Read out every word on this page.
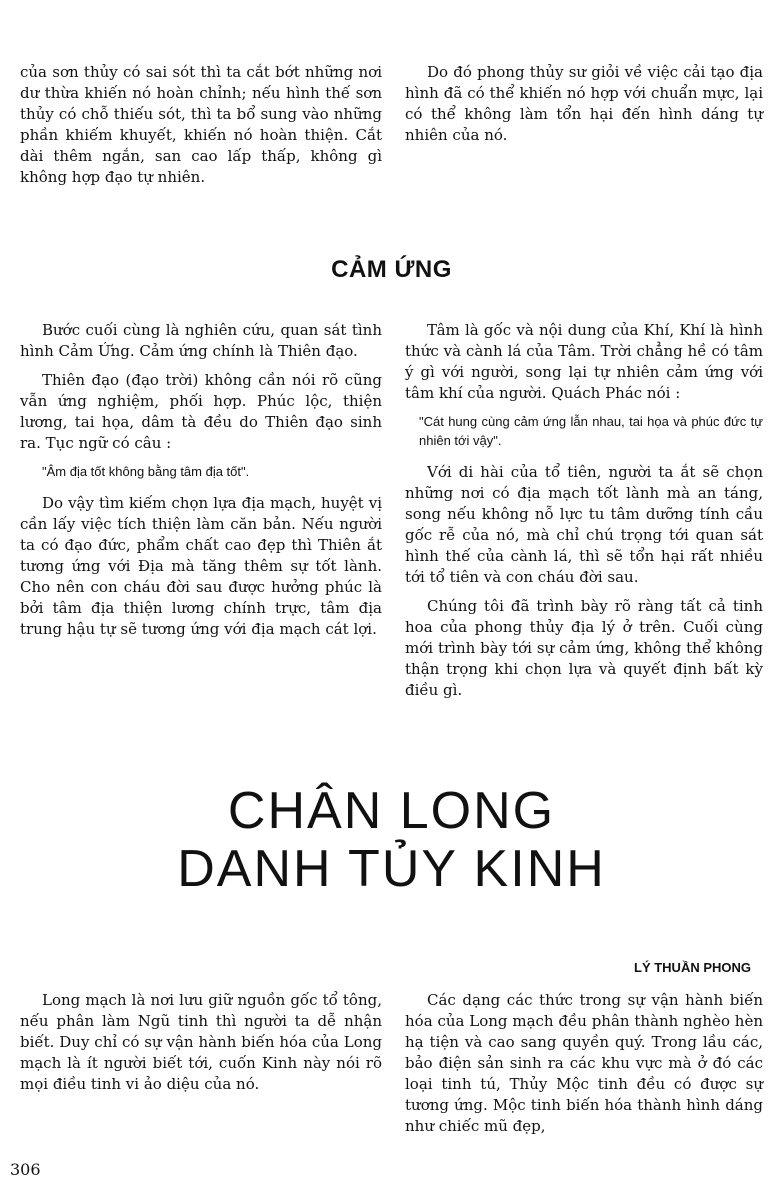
của sơn thủy có sai sót thì ta cắt bớt những nơi dư thừa khiến nó hoàn chỉnh; nếu hình thế sơn thủy có chỗ thiếu sót, thì ta bổ sung vào những phần khiếm khuyết, khiến nó hoàn thiện. Cắt dài thêm ngắn, san cao lấp thấp, không gì không hợp đạo tự nhiên.

Do đó phong thủy sư giỏi về việc cải tạo địa hình đã có thể khiến nó hợp với chuẩn mực, lại có thể không làm tổn hại đến hình dáng tự nhiên của nó.

CẢM ỨNG

Bước cuối cùng là nghiên cứu, quan sát tình hình Cảm Ứng. Cảm ứng chính là Thiên đạo.

Thiên đạo (đạo trời) không cần nói rõ cũng vẫn ứng nghiệm, phối hợp. Phúc lộc, thiện lương, tai họa, dâm tà đều do Thiên đạo sinh ra. Tục ngữ có câu :

"Âm địa tốt không bằng tâm địa tốt".

Do vậy tìm kiếm chọn lựa địa mạch, huyệt vị cần lấy việc tích thiện làm căn bản. Nếu người ta có đạo đức, phẩm chất cao đẹp thì Thiên ắt tương ứng với Địa mà tăng thêm sự tốt lành. Cho nên con cháu đời sau được hưởng phúc là bởi tâm địa thiện lương chính trực, tâm địa trung hậu tự sẽ tương ứng với địa mạch cát lợi.

Tâm là gốc và nội dung của Khí, Khí là hình thức và cành lá của Tâm. Trời chẳng hề có tâm ý gì với người, song lại tự nhiên cảm ứng với tâm khí của người. Quách Phác nói :

"Cát hung cùng cảm ứng lẫn nhau, tai họa và phúc đức tự nhiên tới vậy".

Với di hài của tổ tiên, người ta ắt sẽ chọn những nơi có địa mạch tốt lành mà an táng, song nếu không nỗ lực tu tâm dưỡng tính cầu gốc rễ của nó, mà chỉ chú trọng tới quan sát hình thế của cành lá, thì sẽ tổn hại rất nhiều tới tổ tiên và con cháu đời sau.

Chúng tôi đã trình bày rõ ràng tất cả tinh hoa của phong thủy địa lý ở trên. Cuối cùng mới trình bày tới sự cảm ứng, không thể không thận trọng khi chọn lựa và quyết định bất kỳ điều gì.

CHÂN LONG
DANH TỦY KINH
LÝ THUẦN PHONG

Long mạch là nơi lưu giữ nguồn gốc tổ tông, nếu phân làm Ngũ tinh thì người ta dễ nhận biết. Duy chỉ có sự vận hành biến hóa của Long mạch là ít người biết tới, cuốn Kinh này nói rõ mọi điều tinh vi ảo diệu của nó.

Các dạng các thức trong sự vận hành biến hóa của Long mạch đều phân thành nghèo hèn hạ tiện và cao sang quyền quý. Trong lầu các, bảo điện sản sinh ra các khu vực mà ở đó các loại tinh tú, Thủy Mộc tinh đều có được sự tương ứng. Mộc tinh biến hóa thành hình dáng như chiếc mũ đẹp,

306
